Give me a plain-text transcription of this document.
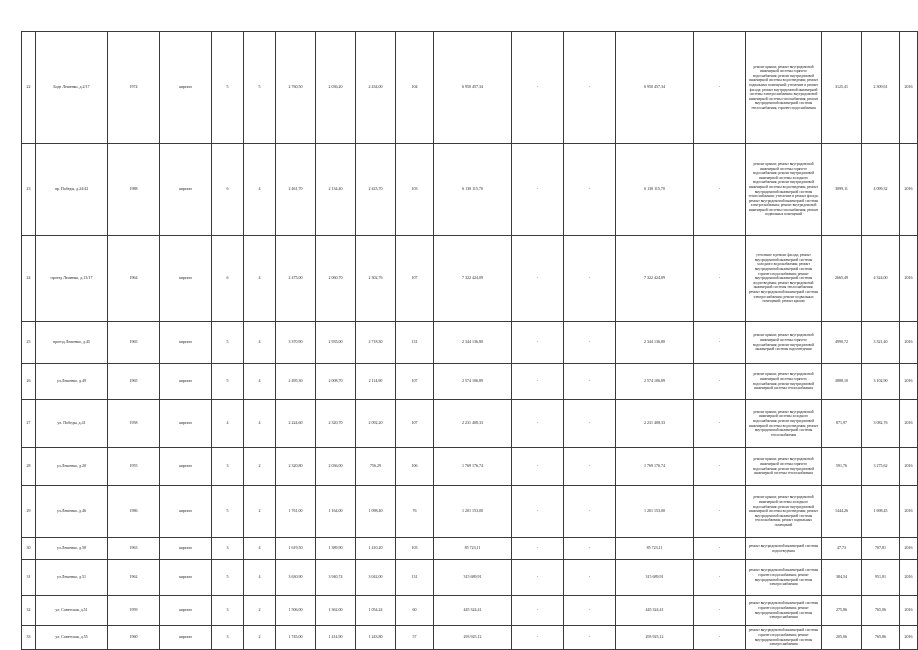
22	Боде Лешенко, д.2/17	1974	кирпич	5	5	2 760,50	2 036,20	2 434,00	104	6 950 457,34	-	-	6 950 457,34	-	ремонт крыши; ремонт внутридомовой инженерной системы горячего водоснабжения; ремонт внутридомовой инженерной системы водоотведения; ремонт подвальных помещений; утепление и ремонт фасада; ремонт внутридомовой инженерной системы электроснабжения; внутридомовой инженерной системы газоснабжения; ремонт внутридомовой инженерной системы теплоснабжения, горячего водоснабжения	3125,41	2 309,61	2016
23	пр. Победы, д.24/42	1988	кирпич	6	4	2 461,70	2 134,40	2 423,70	103	6 130 115,70	-	-	6 130 115,70	-	ремонт крыши; ремонт внутридомовой инженерной системы горячего водоснабжения; ремонт внутридомовой инженерной системы холодного водоснабжения; ремонт внутридомовой инженерной системы водоотведения; ремонт внутридомовой инженерной системы теплоснабжения; утепление и ремонт фасада; ремонт внутридомовой инженерной системы электроснабжения; ремонт внутридомовой инженерной системы газоснабжения; ремонт подвальных помещений	3099,11	4 099,32	2016
24	проезд Лешенко, д.13/17	1964	кирпич	6	4	2 475,00	2 060,70	2 302,76	107	7 322 424,09	-	-	7 322 424,09	-	утепление и ремонт фасада; ремонт внутридомовой инженерной системы холодного водоснабжения; ремонт внутридомовой инженерной системы горячего водоснабжения; ремонт внутридомовой инженерной системы водоотведения; ремонт внутридомовой инженерной системы теплоснабжения; ремонт внутридомовой инженерной системы электроснабжения; ремонт подвальных помещений; ремонт крыши	2665,49	4 324,00	2016
25	проезд Лешенко, д.45	1965	кирпич	5	4	3 370,90	2 935,00	2 718,30	131	2 344 136,80	-	-	2 344 136,80	-	ремонт крыши; ремонт внутридомовой инженерной системы горячего водоснабжения; ремонт внутридомовой инженерной системы водоотведения	4990,72	3 321,40	2016
26	ул.Лешенко, д.49	1965	кирпич	5	4	2 495,30	2 008,70	2 114,90	107	2 574 106,89	-	-	2 574 106,89	-	ремонт крыши; ремонт внутридомовой инженерной системы горячего водоснабжения; ремонт внутридомовой инженерной системы теплоснабжения	3888,10	3 102,90	2016
27	ул. Победы, д.41	1958	кирпич	4	4	2 224,60	2 320,70	2 092,20	107	2 231 408,33	-	-	2 231 408,33	-	ремонт крыши; ремонт внутридомовой инженерной системы холодного водоснабжения; ремонт внутридомовой инженерной системы водоотведения; ремонт внутридомовой инженерной системы теплоснабжения	871,97	3 082,76	2016
28	ул.Лешенко, д.20	1955	кирпич	3	2	2 320,80	2 036,00	756,29	106	1 769 176,74	-	-	1 769 176,74	-	ремонт крыши; ремонт внутридомовой инженерной системы горячего водоснабжения; ремонт внутридомовой инженерной системы теплоснабжения	591,76	3 275,62	2016
29	ул.Лешенко, д.46	1986	кирпич	5	2	1 761,00	1 164,00	1 098,40	76	1 201 153,00	-	-	1 201 153,00	-	ремонт крыши; ремонт внутридомовой инженерной системы холодного водоснабжения; ремонт внутридомовой инженерной системы водоотведения; ремонт внутридомовой инженерной системы теплоснабжения; ремонт подвальных помещений	1444,26	1 698,45	2016
30	ул.Лешенко, д.58	1963	кирпич	3	4	1 619,50	1 389,90	1 410,20	103	85 723,11	-	-	85 723,11	-	ремонт внутридомовой инженерной системы водоотведения	47,73	707,81	2016
31	ул.Лешенко, д.51	1962	кирпич	5	4	3 630,90	3 940,74	3 042,00	131	315 689,91	-	-	315 689,91	-	ремонт внутридомовой инженерной системы горячего водоснабжения; ремонт внутридомовой инженерной системы электроснабжения	384,54	951,81	2016
32	ул. Советская, д.51	1959	кирпич	3	2	1 506,00	1 362,00	1 054,24	60	445 324,41	-	-	445 324,41	-	ремонт внутридомовой инженерной системы горячего водоснабжения; ремонт внутридомовой инженерной системы электроснабжения	275,86	765,06	2016
33	ул. Советская, д.55	1960	кирпич	3	2	1 745,00	1 414,90	1 243,80	57	293 925,12	-	-	293 925,12	-	ремонт внутридомовой инженерной системы горячего водоснабжения; ремонт внутридомовой инженерной системы электроснабжения	205,06	765,86	2016
